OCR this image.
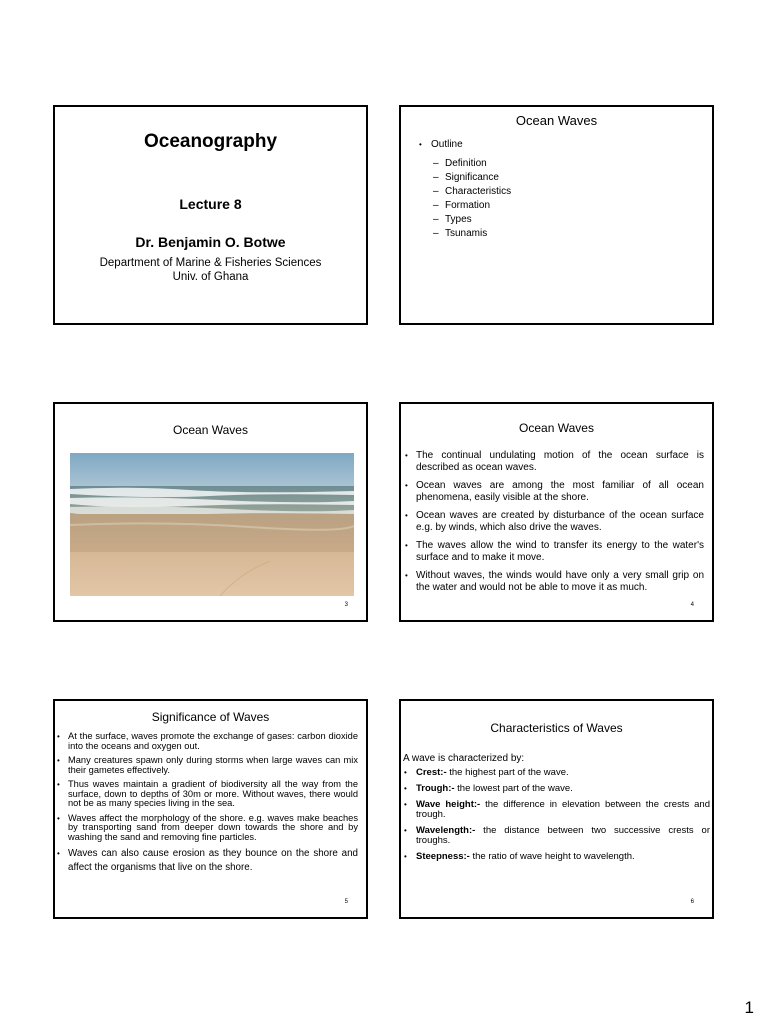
Oceanography
Lecture 8
Dr. Benjamin O. Botwe
Department of Marine & Fisheries Sciences
Univ. of Ghana
Ocean Waves
• Outline
– Definition
– Significance
– Characteristics
– Formation
– Types
– Tsunamis
Ocean Waves
3
Ocean Waves
• The continual undulating motion of the ocean surface is described as ocean waves.
• Ocean waves are among the most familiar of all ocean phenomena, easily visible at the shore.
• Ocean waves are created by disturbance of the ocean surface e.g. by winds, which also drive the waves.
• The waves allow the wind to transfer its energy to the water's surface and to make it move.
• Without waves, the winds would have only a very small grip on the water and would not be able to move it as much.
4
Significance of Waves
• At the surface, waves promote the exchange of gases: carbon dioxide into the oceans and oxygen out.
• Many creatures spawn only during storms when large waves can mix their gametes effectively.
• Thus waves maintain a gradient of biodiversity all the way from the surface, down to depths of 30m or more. Without waves, there would not be as many species living in the sea.
• Waves affect the morphology of the shore. e.g. waves make beaches by transporting sand from deeper down towards the shore and by washing the sand and removing fine particles.
• Waves can also cause erosion as they bounce on the shore and affect the organisms that live on the shore.
5
Characteristics of Waves
A wave is characterized by:
• Crest:- the highest part of the wave.
• Trough:- the lowest part of the wave.
• Wave height:- the difference in elevation between the crests and trough.
• Wavelength:- the distance between two successive crests or troughs.
• Steepness:- the ratio of wave height to wavelength.
6
1
